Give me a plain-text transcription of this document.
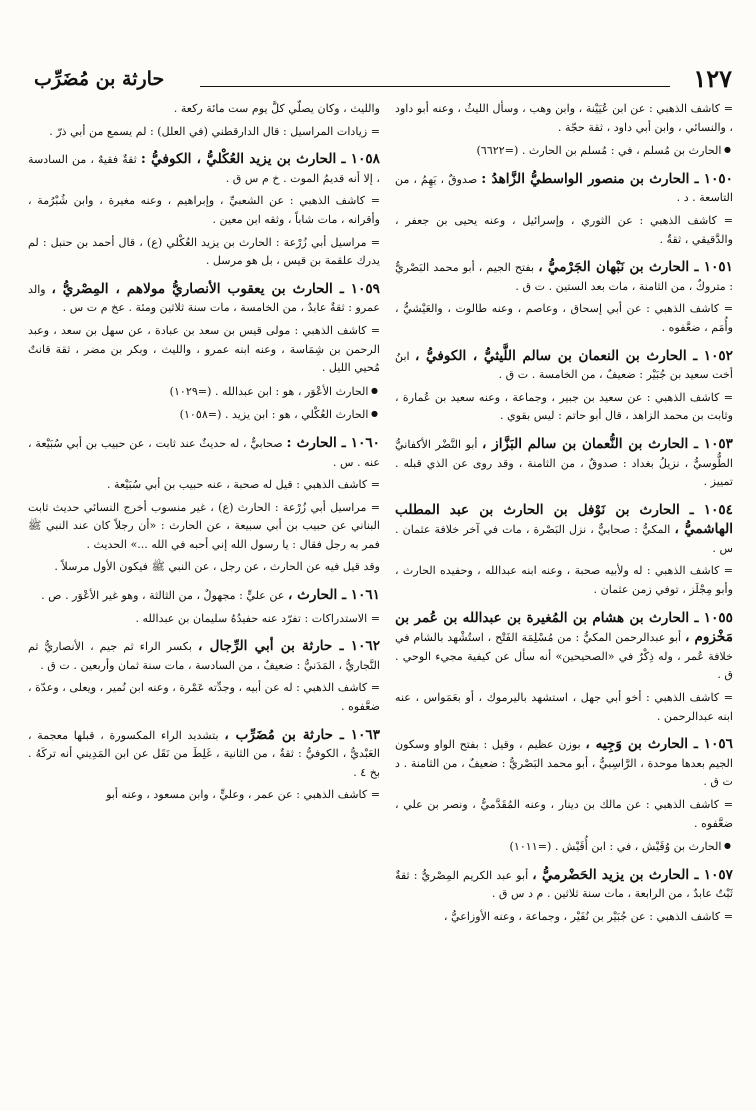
١٢٧
حارثة بن مُضَرِّب

= كاشف الذهبي : عن ابن عُيَيْنة ، وابن وهب ، وسأل الليثُ ، وعنه أبو داود ، والنسائي ، وابن أبي داود ، ثقة حجّة .

● الحارث بن مُسلم ، في : مُسلم بن الحارث . (=٦٦٢٢)

١٠٥٠ ـ الحارث بن منصور الواسطيُّ الزَّاهدُ : صدوقٌ ، يَهِمُ ، من التاسعة . د .

= كاشف الذهبي : عن الثوري ، وإسرائيل ، وعنه يحيى بن جعفر ، والدَّقيقي ، ثقةٌ .

١٠٥١ ـ الحارث بن نَبْهان الجَرْميُّ ، بفتح الجيم ، أبو محمد البَصْريُّ : متروكٌ ، من الثامنة ، مات بعد الستين . ت ق .

= كاشف الذهبي : عن أبي إسحاق ، وعاصم ، وعنه طالوت ، والعَيْشيُّ ، وأُمَم ، ضعَّفوه .

١٠٥٢ ـ الحارث بن النعمان بن سالم اللَّيثيُّ ، الكوفيُّ ، ابنُ أخت سعيد بن جُبَيْر : ضعيفٌ ، من الخامسة . ت ق .

= كاشف الذهبي : عن سعيد بن جبير ، وجماعة ، وعنه سعيد بن عُمارة ، وثابت بن محمد الزاهد ، قال أبو حاتم : ليس بقوي .

١٠٥٣ ـ الحارث بن النُّعمان بن سالم البَزَّاز ، أبو النَّضْر الأكفانيُّ الطُّوسيُّ ، نزيلُ بغداد : صدوقٌ ، من الثامنة ، وقد روى عن الذي قبله . تمييز .

١٠٥٤ ـ الحارث بن نَوْفل بن الحارث بن عبد المطلب الهاشميُّ ، المكيُّ : صحابيٌّ ، نزل البَصْرة ، مات في آخر خلافة عثمان . س .

= كاشف الذهبي : له ولأبيه صحبة ، وعنه ابنه عبدالله ، وحفيده الحارث ، وأبو مِجْلَز ، توفي زمن عثمان .

١٠٥٥ ـ الحارث بن هشام بن المُغيرة بن عبدالله بن عُمر بن مَخْزوم ، أبو عبدالرحمن المكيُّ : من مُسْلِمَة الفَتْح ، استُشْهد بالشام في خلافة عُمر ، وله ذِكْرٌ في «الصحيحين» أنه سأل عن كيفية مجيء الوحي . ق .

= كاشف الذهبي : أخو أبي جهل ، استشهد باليرموك ، أو بعَمَواس ، عنه ابنه عبدالرحمن .

١٠٥٦ ـ الحارث بن وَجِيه ، بوزن عظيم ، وقيل : بفتح الواو وسكون الجيم بعدها موحدة ، الرَّاسِبيُّ ، أبو محمد البَصْريُّ : ضعيفٌ ، من الثامنة . د ت ق .

= كاشف الذهبي : عن مالك بن دينار ، وعنه المُقَدَّميُّ ، ونصر بن علي ، ضعَّفوه .

● الحارث بن وُقَيْش ، في : ابن أُقَيْش . (=١٠١١)

١٠٥٧ ـ الحارث بن يزيد الحَضْرميُّ ، أبو عبد الكريم المِصْريُّ : ثقةٌ ثَبْتٌ عابدٌ ، من الرابعة ، مات سنة ثلاثين . م د س ق .

= كاشف الذهبي : عن جُبَيْر بن نُفَيْر ، وجماعة ، وعنه الأوزاعيُّ ،

والليث ، وكان يصلّي كلَّ يوم ست مائة ركعة .

= زيادات المراسيل : قال الدارقطني (في العلل) : لم يسمع من أبي ذرّ .

١٠٥٨ ـ الحارث بن يزيد العُكْليُّ ، الكوفيُّ : ثقةٌ فقيهٌ ، من السادسة ، إلا أنه قديمُ الموت . خ م س ق .

= كاشف الذهبي : عن الشعبيِّ ، وإبراهيم ، وعنه مغيرة ، وابن شُبْرُمة ، وأقرانه ، مات شاباً ، وثقه ابن معين .

= مراسيل أبي زُرْعة : الحارث بن يزيد العُكْلي (ع) ، قال أحمد بن حنبل : لم يدرك علقمة بن قيس ، بل هو مرسل .

١٠٥٩ ـ الحارث بن يعقوب الأنصاريُّ مولاهم ، المِصْريُّ ، والد عمرو : ثقةٌ عابدٌ ، من الخامسة ، مات سنة ثلاثين ومئة . عخ م ت س .

= كاشف الذهبي : مولى قيس بن سعد بن عبادة ، عن سهل بن سعد ، وعبد الرحمن بن شِمَاسة ، وعنه ابنه عمرو ، والليث ، وبكر بن مضر ، ثقة قانتٌ مُحيي الليل .

● الحارث الأعْوَر ، هو : ابن عبدالله . (=١٠٢٩)

● الحارث العُكْلي ، هو : ابن يزيد . (=١٠٥٨)

١٠٦٠ ـ الحارث : صحابيٌّ ، له حديثٌ عند ثابت ، عن حبيب بن أبي سُبَيْعة ، عنه . س .

= كاشف الذهبي : قيل له صحبة ، عنه حبيب بن أبي سُبَيْعة .

= مراسيل أبي زُرْعة : الحارث (ع) ، غير منسوب أخرج النسائي حديث ثابت البناني عن حبيب بن أبي سبيعة ، عن الحارث : «أن رجلاً كان عند النبي ﷺ فمر به رجل فقال : يا رسول الله إني أحبه في الله ...» الحديث .

وقد قيل فيه عن الحارث ، عن رجل ، عن النبي ﷺ فيكون الأول مرسلاً .

١٠٦١ ـ الحارث ، عن عليٍّ : مجهولٌ ، من الثالثة ، وهو غير الأعْوَر . ص .

= الاستدراكات : تفرّد عنه حفيدُهُ سليمان بن عبدالله .

١٠٦٢ ـ حارثة بن أبي الرِّجال ، بكسر الراء ثم جيم ، الأنصاريُّ ثم النَّجاريُّ ، المَدَنيُّ : ضعيفٌ ، من السادسة ، مات سنة ثمان وأربعين . ت ق .

= كاشف الذهبي : له عن أبيه ، وجدِّته عَمْرة ، وعنه ابن نُمير ، ويعلى ، وعدّة ، ضعَّفوه .

١٠٦٣ ـ حارثة بن مُضَرِّب ، بتشديد الراء المكسورة ، قبلها معجمة ، العَبْديُّ ، الكوفيُّ : ثقةٌ ، من الثانية ، غَلِطَ من نَقَل عن ابن المَدِيني أنه تركَهُ . بخ ٤ .

= كاشف الذهبي : عن عمر ، وعليٍّ ، وابن مسعود ، وعنه أبو
